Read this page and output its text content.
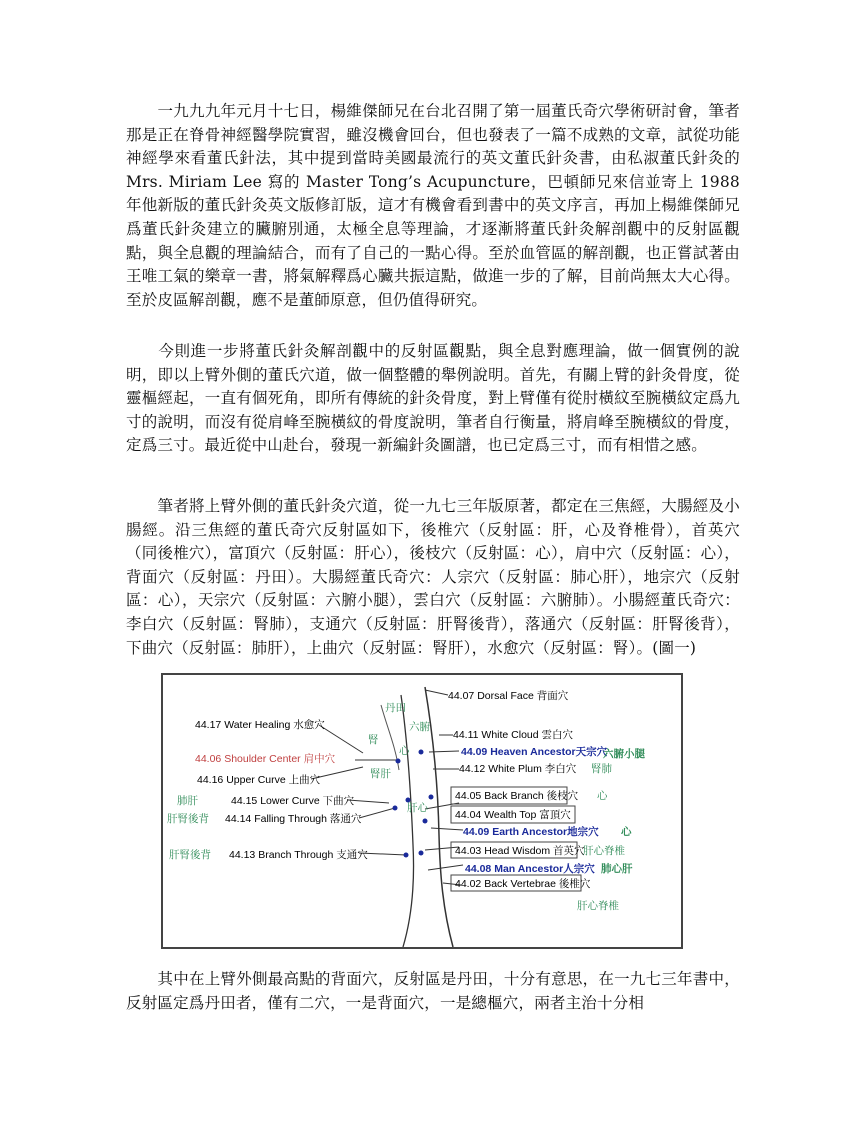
　　一九九九年元月十七日，楊維傑師兄在台北召開了第一屆董氏奇穴學術研討會，筆者那是正在脊骨神經醫學院實習，雖沒機會回台，但也發表了一篇不成熟的文章，試從功能神經學來看董氏針法，其中提到當時美國最流行的英文董氏針灸書，由私淑董氏針灸的 Mrs. Miriam Lee 寫的 Master Tong’s Acupuncture，巴頓師兄來信並寄上 1988 年他新版的董氏針灸英文版修訂版，這才有機會看到書中的英文序言，再加上楊維傑師兄爲董氏針灸建立的臟腑別通，太極全息等理論，才逐漸將董氏針灸解剖觀中的反射區觀點，與全息觀的理論結合，而有了自己的一點心得。至於血管區的解剖觀，也正嘗試著由王唯工氣的樂章一書，將氣解釋爲心臟共振這點，做進一步的了解，目前尚無太大心得。至於皮區解剖觀，應不是董師原意，但仍值得研究。

　　今則進一步將董氏針灸解剖觀中的反射區觀點，與全息對應理論，做一個實例的說明，即以上臂外側的董氏穴道，做一個整體的舉例說明。首先，有關上臂的針灸骨度，從靈樞經起，一直有個死角，即所有傳統的針灸骨度，對上臂僅有從肘橫紋至腕橫紋定爲九寸的說明，而沒有從肩峰至腕橫紋的骨度說明，筆者自行衡量，將肩峰至腕橫紋的骨度，定爲三寸。最近從中山赴台，發現一新編針灸圖譜，也已定爲三寸，而有相惜之感。

　　筆者將上臂外側的董氏針灸穴道，從一九七三年版原著，都定在三焦經，大腸經及小腸經。沿三焦經的董氏奇穴反射區如下，後椎穴（反射區：肝，心及脊椎骨），首英穴（同後椎穴），富頂穴（反射區：肝心），後枝穴（反射區：心），肩中穴（反射區：心），背面穴（反射區：丹田）。大腸經董氏奇穴：人宗穴（反射區：肺心肝），地宗穴（反射區：心），天宗穴（反射區：六腑小腿），雲白穴（反射區：六腑肺）。小腸經董氏奇穴：李白穴（反射區：腎肺），支通穴（反射區：肝腎後背），落通穴（反射區：肝腎後背），下曲穴（反射區：肺肝），上曲穴（反射區：腎肝），水愈穴（反射區：腎）。(圖一)

44.07 Dorsal Face 背面穴
44.17 Water Healing 水愈穴
44.06 Shoulder Center 肩中穴
44.16 Upper Curve 上曲穴
44.15 Lower Curve 下曲穴
44.14 Falling Through 落通穴
44.13 Branch Through 支通穴
44.11 White Cloud 雲白穴
44.09 Heaven Ancestor天宗穴
44.12 White Plum 李白穴
44.05 Back Branch 後枝穴
44.04 Wealth Top 富頂穴
44.09 Earth Ancestor地宗穴
44.03 Head Wisdom 首英穴
44.08 Man Ancestor人宗穴
44.02 Back Vertebrae 後椎穴
丹田
六腑
腎
心
腎肝
六腑小腿
腎肺
肺肝
肝腎後背
心
肝心
肝腎後背
心
肝心脊椎
肺心肝
肝心脊椎

　　其中在上臂外側最高點的背面穴，反射區是丹田，十分有意思，在一九七三年書中，反射區定爲丹田者，僅有二穴，一是背面穴，一是總樞穴，兩者主治十分相
